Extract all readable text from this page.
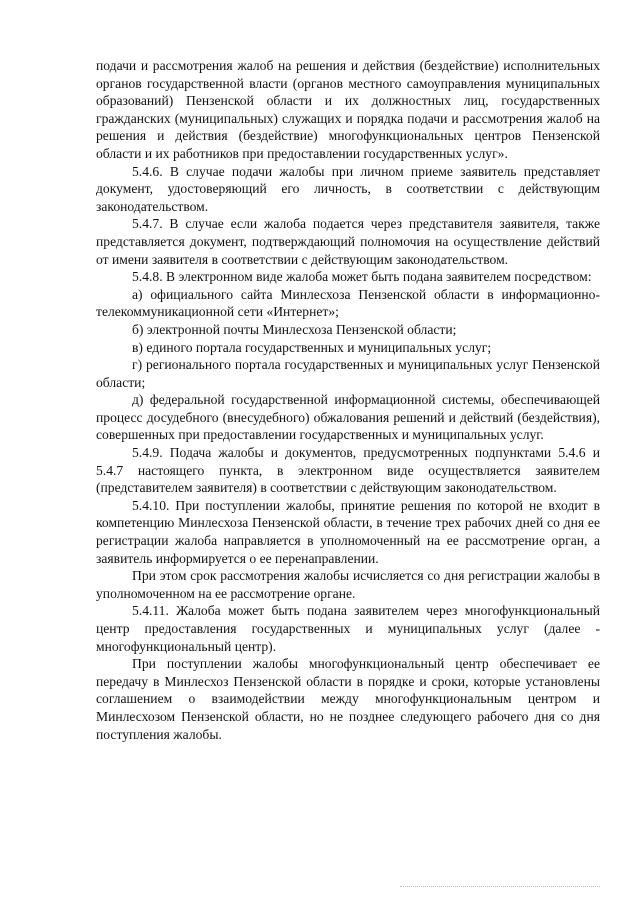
подачи и рассмотрения жалоб на решения и действия (бездействие) исполнительных органов государственной власти (органов местного самоуправления муниципальных образований) Пензенской области и их должностных лиц, государственных гражданских (муниципальных) служащих и порядка подачи и рассмотрения жалоб на решения и действия (бездействие) многофункциональных центров Пензенской области и их работников при предоставлении государственных услуг».

5.4.6. В случае подачи жалобы при личном приеме заявитель представляет документ, удостоверяющий его личность, в соответствии с действующим законодательством.

5.4.7. В случае если жалоба подается через представителя заявителя, также представляется документ, подтверждающий полномочия на осуществление действий от имени заявителя в соответствии с действующим законодательством.

5.4.8. В электронном виде жалоба может быть подана заявителем посредством:

а) официального сайта Минлесхоза Пензенской области в информационно-телекоммуникационной сети «Интернет»;

б) электронной почты Минлесхоза Пензенской области;

в) единого портала государственных и муниципальных услуг;

г) регионального портала государственных и муниципальных услуг Пензенской области;

д) федеральной государственной информационной системы, обеспечивающей процесс досудебного (внесудебного) обжалования решений и действий (бездействия), совершенных при предоставлении государственных и муниципальных услуг.

5.4.9. Подача жалобы и документов, предусмотренных подпунктами 5.4.6 и 5.4.7 настоящего пункта, в электронном виде осуществляется заявителем (представителем заявителя) в соответствии с действующим законодательством.

5.4.10. При поступлении жалобы, принятие решения по которой не входит в компетенцию Минлесхоза Пензенской области, в течение трех рабочих дней со дня ее регистрации жалоба направляется в уполномоченный на ее рассмотрение орган, а заявитель информируется о ее перенаправлении.

При этом срок рассмотрения жалобы исчисляется со дня регистрации жалобы в уполномоченном на ее рассмотрение органе.

5.4.11. Жалоба может быть подана заявителем через многофункциональный центр предоставления государственных и муниципальных услуг (далее - многофункциональный центр).

При поступлении жалобы многофункциональный центр обеспечивает ее передачу в Минлесхоз Пензенской области в порядке и сроки, которые установлены соглашением о взаимодействии между многофункциональным центром и Минлесхозом Пензенской области, но не позднее следующего рабочего дня со дня поступления жалобы.
